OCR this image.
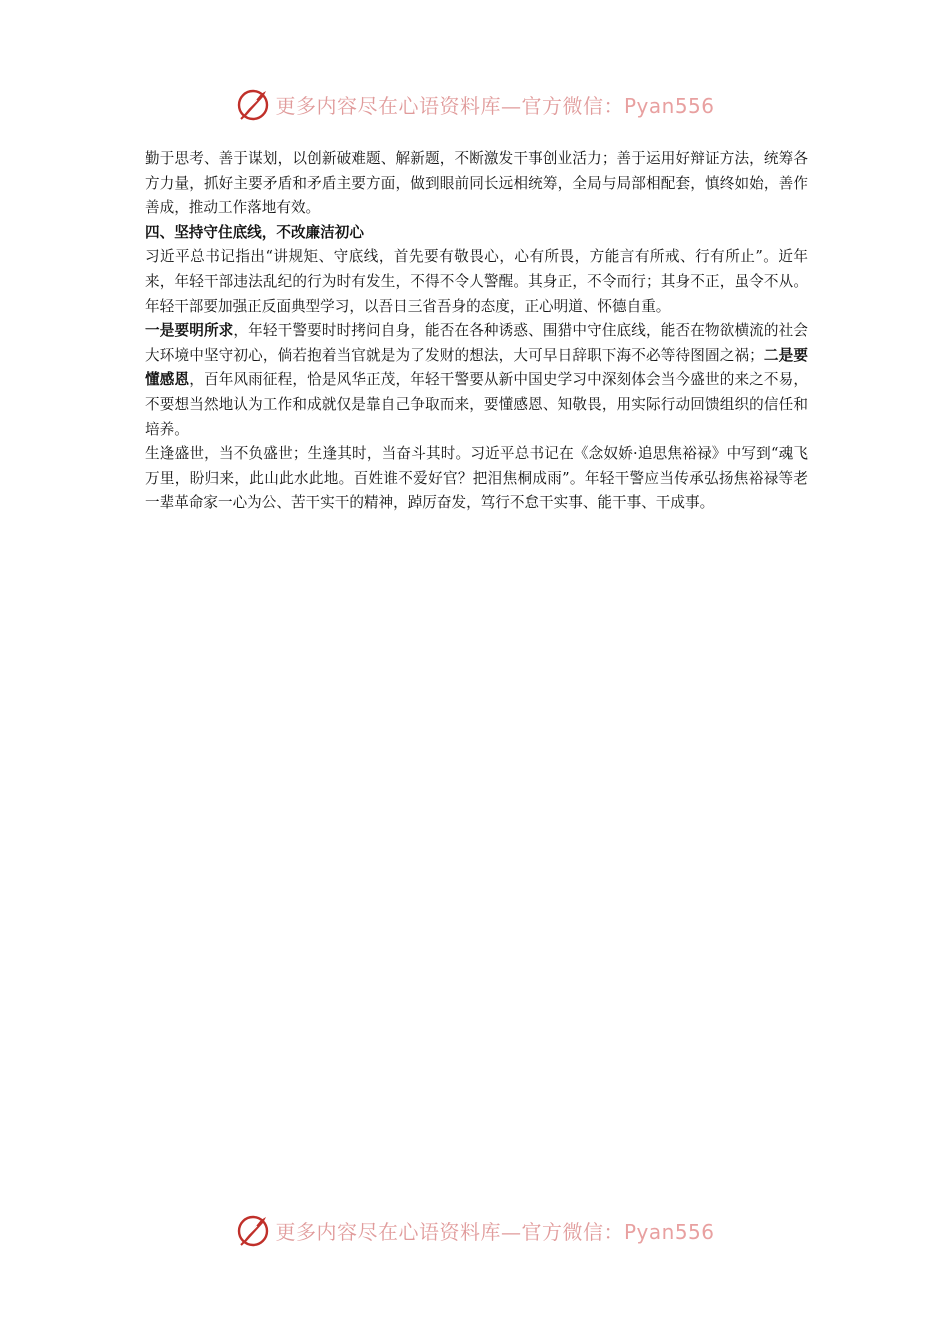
更多内容尽在心语资料库—官方微信：Pyan556

勤于思考、善于谋划，以创新破难题、解新题，不断激发干事创业活力；善于运用好辩证方法，统筹各方力量，抓好主要矛盾和矛盾主要方面，做到眼前同长远相统筹，全局与局部相配套，慎终如始，善作善成，推动工作落地有效。

四、坚持守住底线，不改廉洁初心

习近平总书记指出“讲规矩、守底线，首先要有敬畏心，心有所畏，方能言有所戒、行有所止”。近年来，年轻干部违法乱纪的行为时有发生，不得不令人警醒。其身正，不令而行；其身不正，虽令不从。年轻干部要加强正反面典型学习，以吾日三省吾身的态度，正心明道、怀德自重。

一是要明所求，年轻干警要时时拷问自身，能否在各种诱惑、围猎中守住底线，能否在物欲横流的社会大环境中坚守初心，倘若抱着当官就是为了发财的想法，大可早日辞职下海不必等待图圄之祸；二是要懂感恩，百年风雨征程，恰是风华正茂，年轻干警要从新中国史学习中深刻体会当今盛世的来之不易，不要想当然地认为工作和成就仅是靠自己争取而来，要懂感恩、知敬畏，用实际行动回馈组织的信任和培养。

生逢盛世，当不负盛世；生逢其时，当奋斗其时。习近平总书记在《念奴娇·追思焦裕禄》中写到“魂飞万里，盼归来，此山此水此地。百姓谁不爱好官？把泪焦桐成雨”。年轻干警应当传承弘扬焦裕禄等老一辈革命家一心为公、苦干实干的精神，踔厉奋发，笃行不怠干实事、能干事、干成事。

更多内容尽在心语资料库—官方微信：Pyan556
